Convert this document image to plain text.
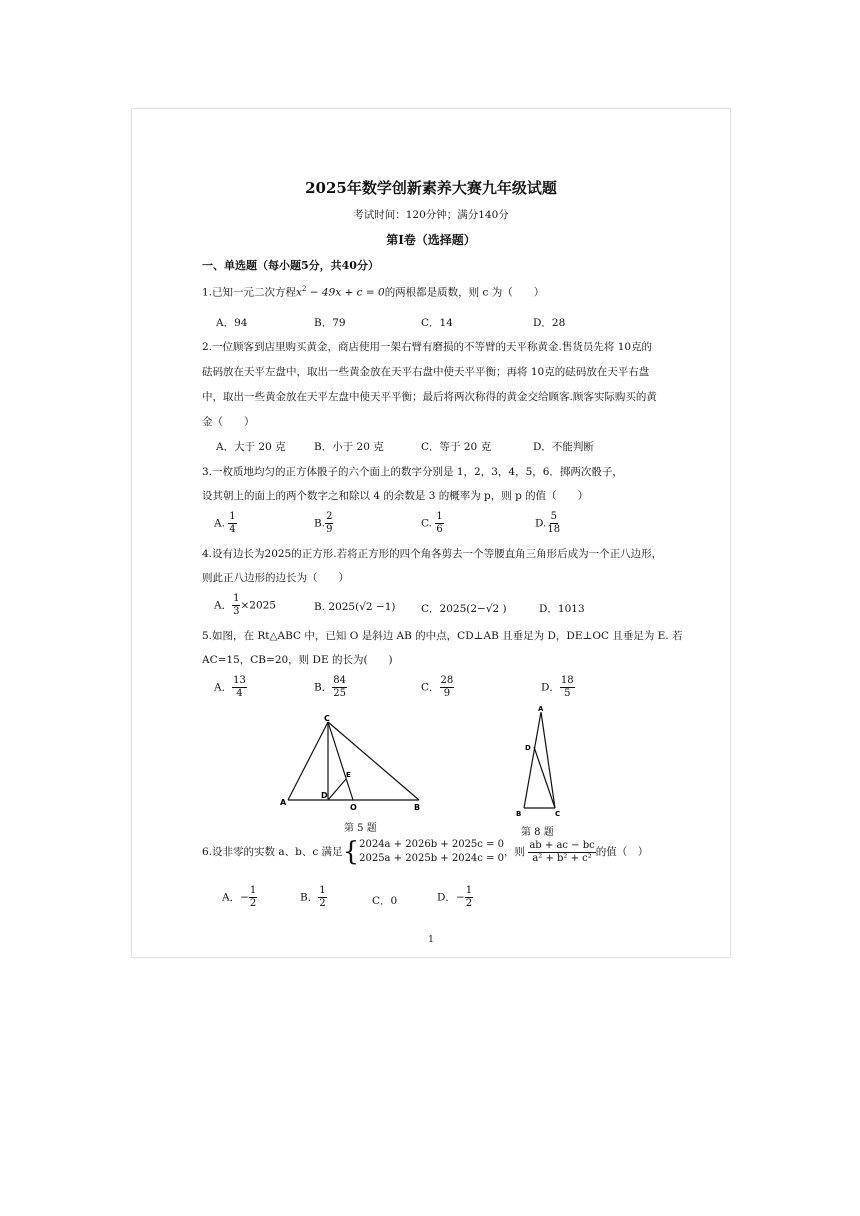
2025年数学创新素养大赛九年级试题
考试时间：120分钟；满分140分
第I卷（选择题）
一、单选题（每小题5分，共40分）
1.已知一元二次方程$x^2 - 49x + c = 0$的两根都是质数，则 c 为（　　）
A．94	B．79	C．14	D．28
2.一位顾客到店里购买黄金，商店使用一架右臂有磨损的不等臂的天平称黄金.售货员先将 10克的砝码放在天平左盘中，取出一些黄金放在天平右盘中使天平平衡；再将 10克的砝码放在天平右盘中，取出一些黄金放在天平左盘中使天平平衡；最后将两次称得的黄金交给顾客.顾客实际购买的黄金（　　）
A．大于 20 克	B．小于 20 克	C．等于 20 克	D．不能判断
3.一枚质地均匀的正方体骰子的六个面上的数字分别是 1，2，3，4，5，6．掷两次骰子，
设其朝上的面上的两个数字之和除以 4 的余数是 3 的概率为 p，则 p 的值（　　）
A. $\frac{1}{4}$	B. $\frac{2}{9}$	C. $\frac{1}{6}$	D. $\frac{5}{18}$
4.设有边长为2025的正方形.若将正方形的四个角各剪去一个等腰直角三角形后成为一个正八边形，
则此正八边形的边长为（　　）
A． $\frac{1}{3} \times 2025$	B. 2025(√2 −1) C．2025(2−√2 )	D．1013
5.如图，在 Rt△ABC 中，已知 O 是斜边 AB 的中点，CD⊥AB 且垂足为 D，DE⊥OC 且垂足为 E. 若
AC=15，CB=20，则 DE 的长为(　　)
A． $\frac{13}{4}$	B． $\frac{84}{25}$	C． $\frac{28}{9}$	D． $\frac{18}{5}$
C
A
D
O	B
E
第 5 题
A
D
B	C
第 8 题
6.设非零的实数 a、b、c 满足{ 2024a + 2026b + 2025c = 0
2025a + 2025b + 2024c = 0
，则 $\frac{ab + ac - bc}{\text{a² + b² + c²}}$ 的值（　）
A．− $\frac{1}{2}$	B． $\frac{1}{2}$	C．0	D．− $\frac{1}{2}$
1
